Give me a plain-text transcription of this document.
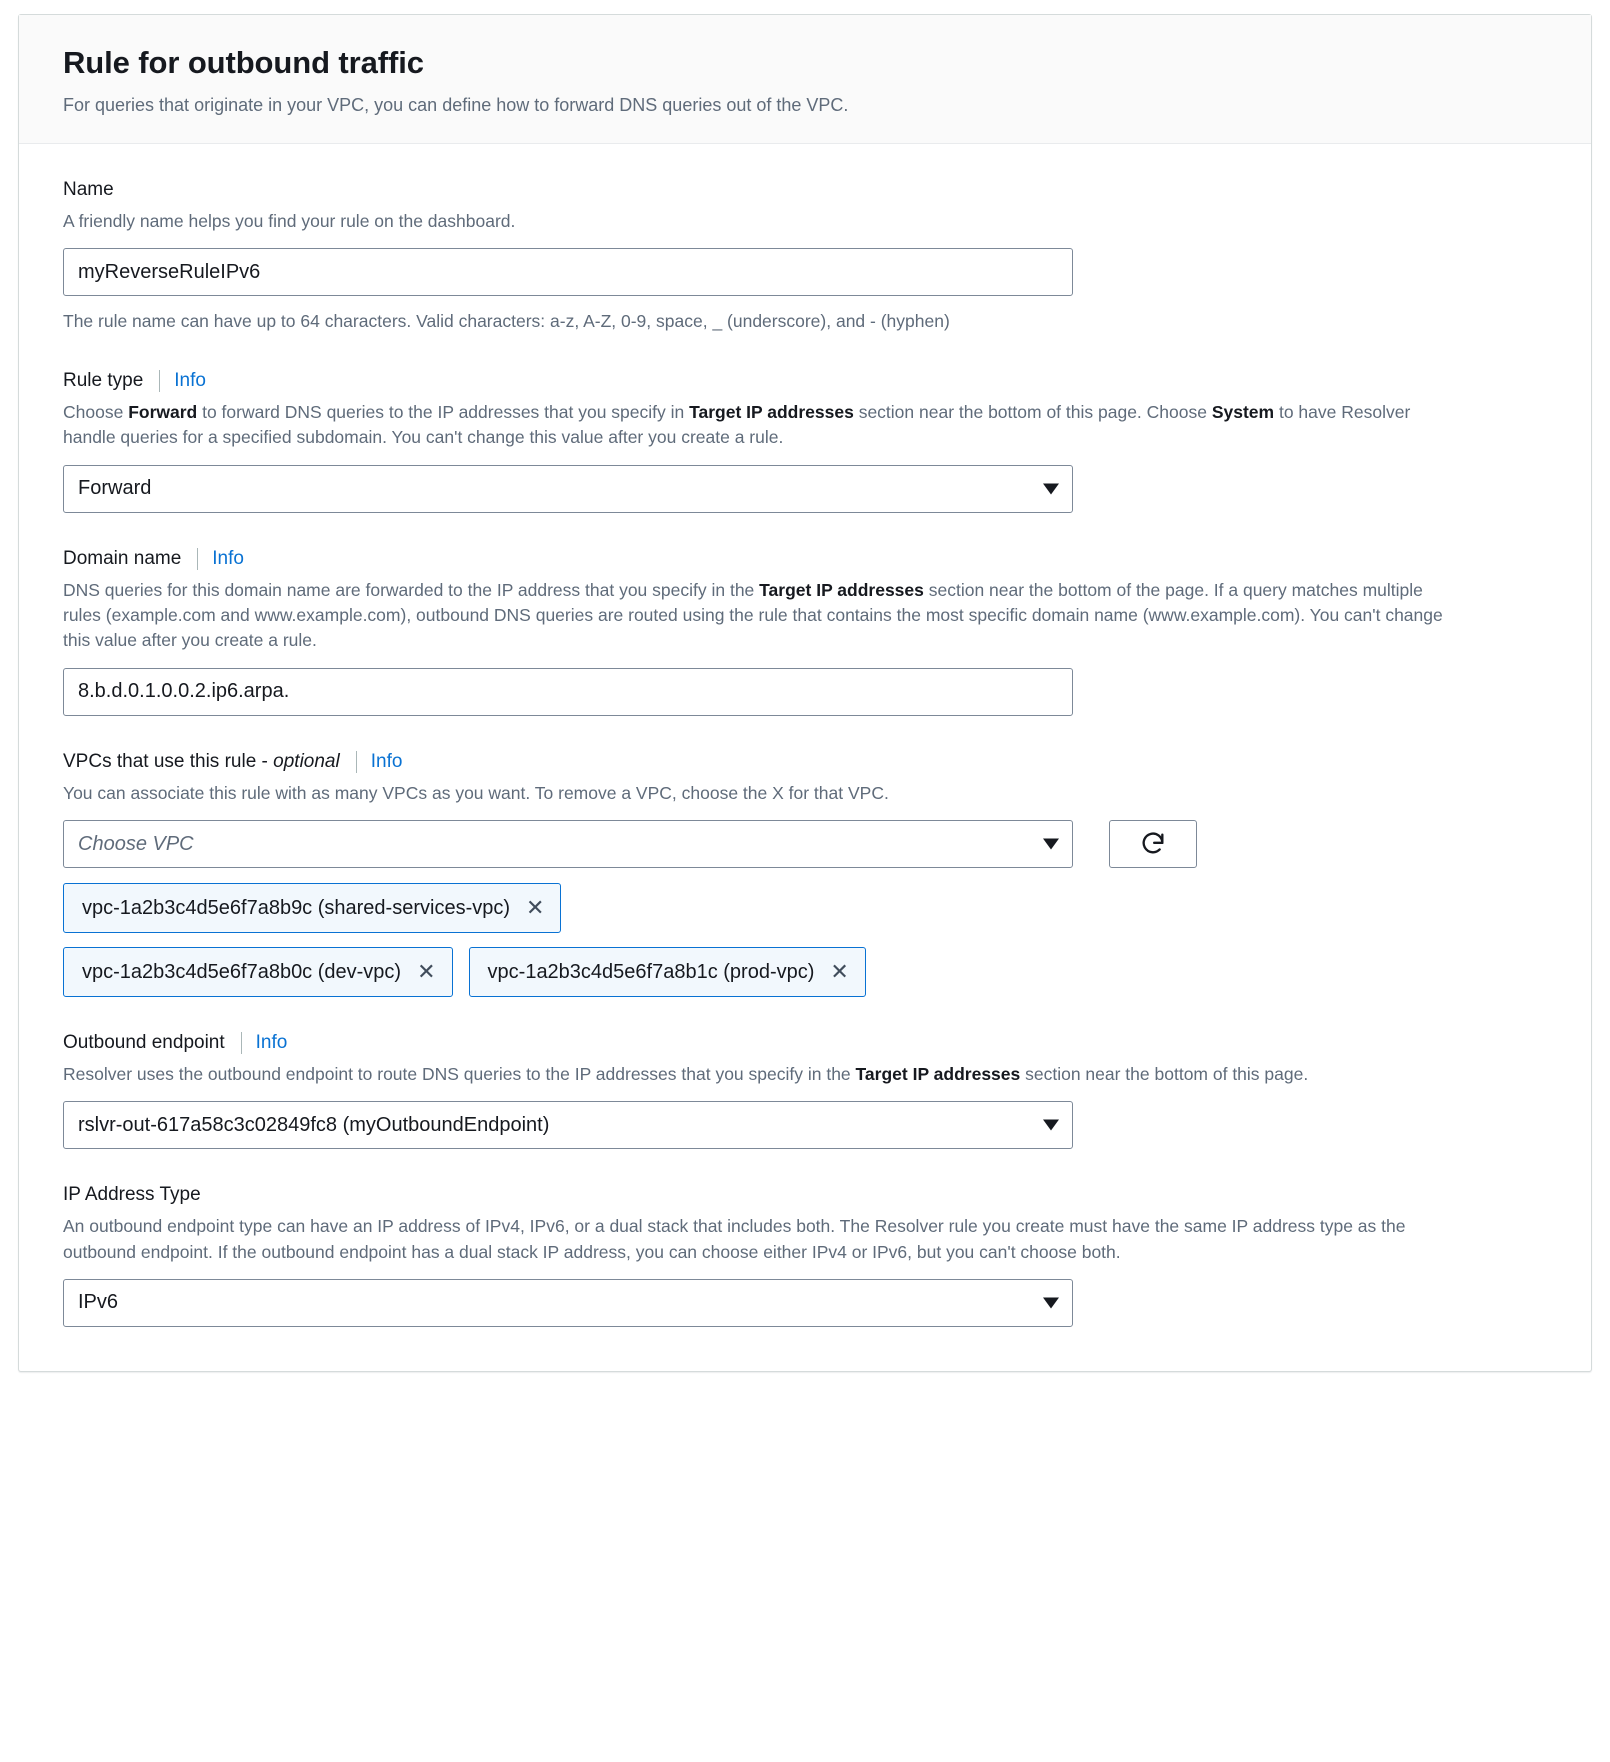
Rule for outbound traffic

For queries that originate in your VPC, you can define how to forward DNS queries out of the VPC.

Name

A friendly name helps you find your rule on the dashboard.

myReverseRuleIPv6

The rule name can have up to 64 characters. Valid characters: a-z, A-Z, 0-9, space, _ (underscore), and - (hyphen)

Rule type Info

Choose Forward to forward DNS queries to the IP addresses that you specify in Target IP addresses section near the bottom of this page. Choose System to have Resolver handle queries for a specified subdomain. You can't change this value after you create a rule.

Forward
Domain name Info

DNS queries for this domain name are forwarded to the IP address that you specify in the Target IP addresses section near the bottom of the page. If a query matches multiple rules (example.com and www.example.com), outbound DNS queries are routed using the rule that contains the most specific domain name (www.example.com). You can't change this value after you create a rule.

8.b.d.0.1.0.0.2.ip6.arpa.
VPCs that use this rule - optional Info

You can associate this rule with as many VPCs as you want. To remove a VPC, choose the X for that VPC.

Choose VPC
vpc-1a2b3c4d5e6f7a8b9c (shared-services-vpc) ✕
vpc-1a2b3c4d5e6f7a8b0c (dev-vpc) ✕	vpc-1a2b3c4d5e6f7a8b1c (prod-vpc) ✕
Outbound endpoint Info

Resolver uses the outbound endpoint to route DNS queries to the IP addresses that you specify in the Target IP addresses section near the bottom of this page.

rslvr-out-617a58c3c02849fc8 (myOutboundEndpoint)
IP Address Type

An outbound endpoint type can have an IP address of IPv4, IPv6, or a dual stack that includes both. The Resolver rule you create must have the same IP address type as the outbound endpoint. If the outbound endpoint has a dual stack IP address, you can choose either IPv4 or IPv6, but you can't choose both.

IPv6
